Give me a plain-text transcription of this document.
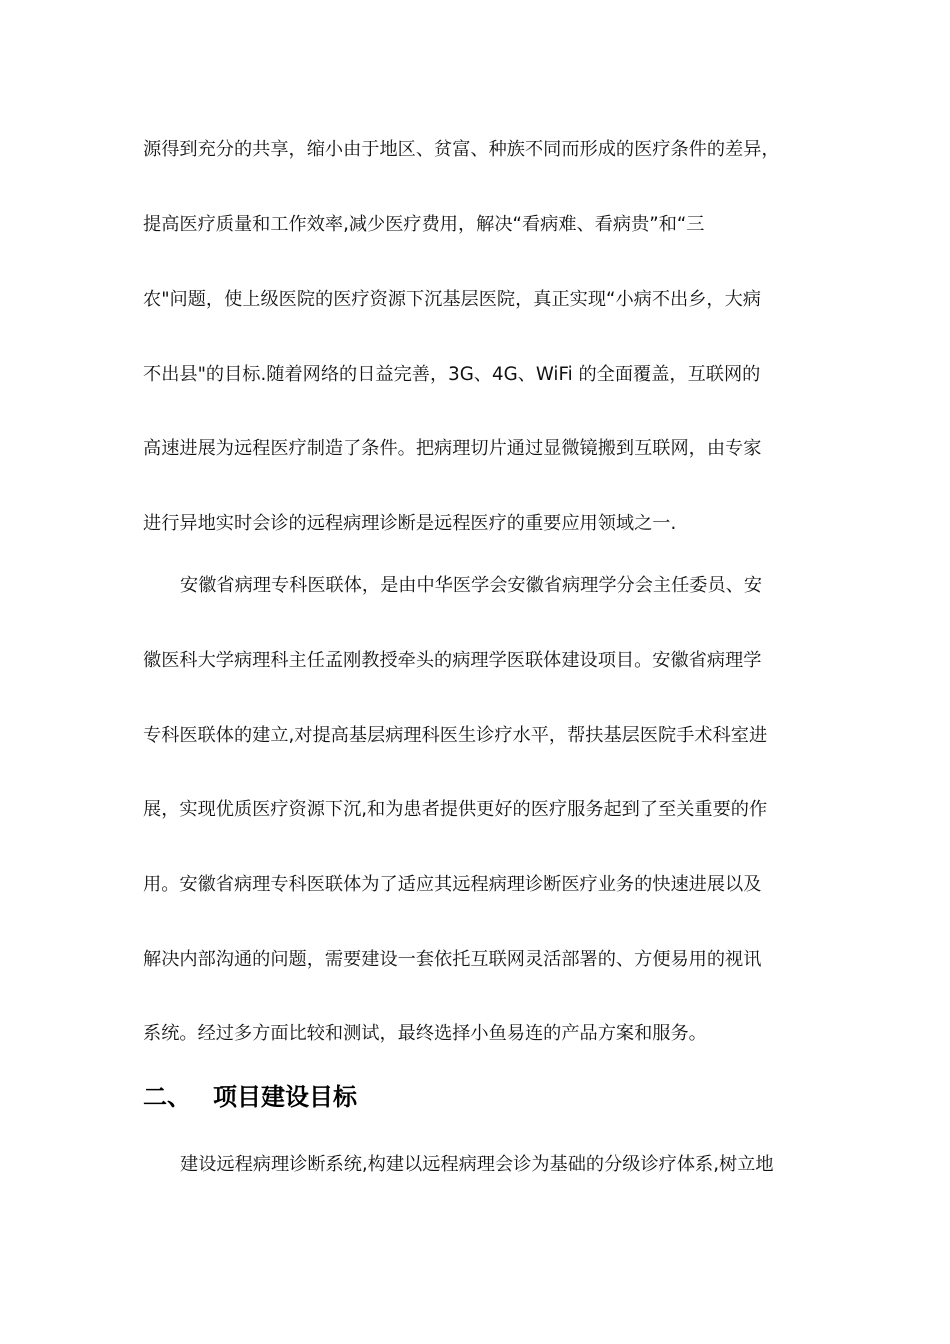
源得到充分的共享，缩小由于地区、贫富、种族不同而形成的医疗条件的差异，
提高医疗质量和工作效率,减少医疗费用，解决“看病难、看病贵”和“三
农"问题，使上级医院的医疗资源下沉基层医院，真正实现“小病不出乡，大病
不出县"的目标.随着网络的日益完善，3G、4G、WiFi 的全面覆盖，互联网的
高速进展为远程医疗制造了条件。把病理切片通过显微镜搬到互联网，由专家
进行异地实时会诊的远程病理诊断是远程医疗的重要应用领域之一.
安徽省病理专科医联体，是由中华医学会安徽省病理学分会主任委员、安
徽医科大学病理科主任孟刚教授牵头的病理学医联体建设项目。安徽省病理学
专科医联体的建立,对提高基层病理科医生诊疗水平，帮扶基层医院手术科室进
展，实现优质医疗资源下沉,和为患者提供更好的医疗服务起到了至关重要的作
用。安徽省病理专科医联体为了适应其远程病理诊断医疗业务的快速进展以及
解决内部沟通的问题，需要建设一套依托互联网灵活部署的、方便易用的视讯
系统。经过多方面比较和测试，最终选择小鱼易连的产品方案和服务。
二、 项目建设目标
建设远程病理诊断系统,构建以远程病理会诊为基础的分级诊疗体系,树立地
